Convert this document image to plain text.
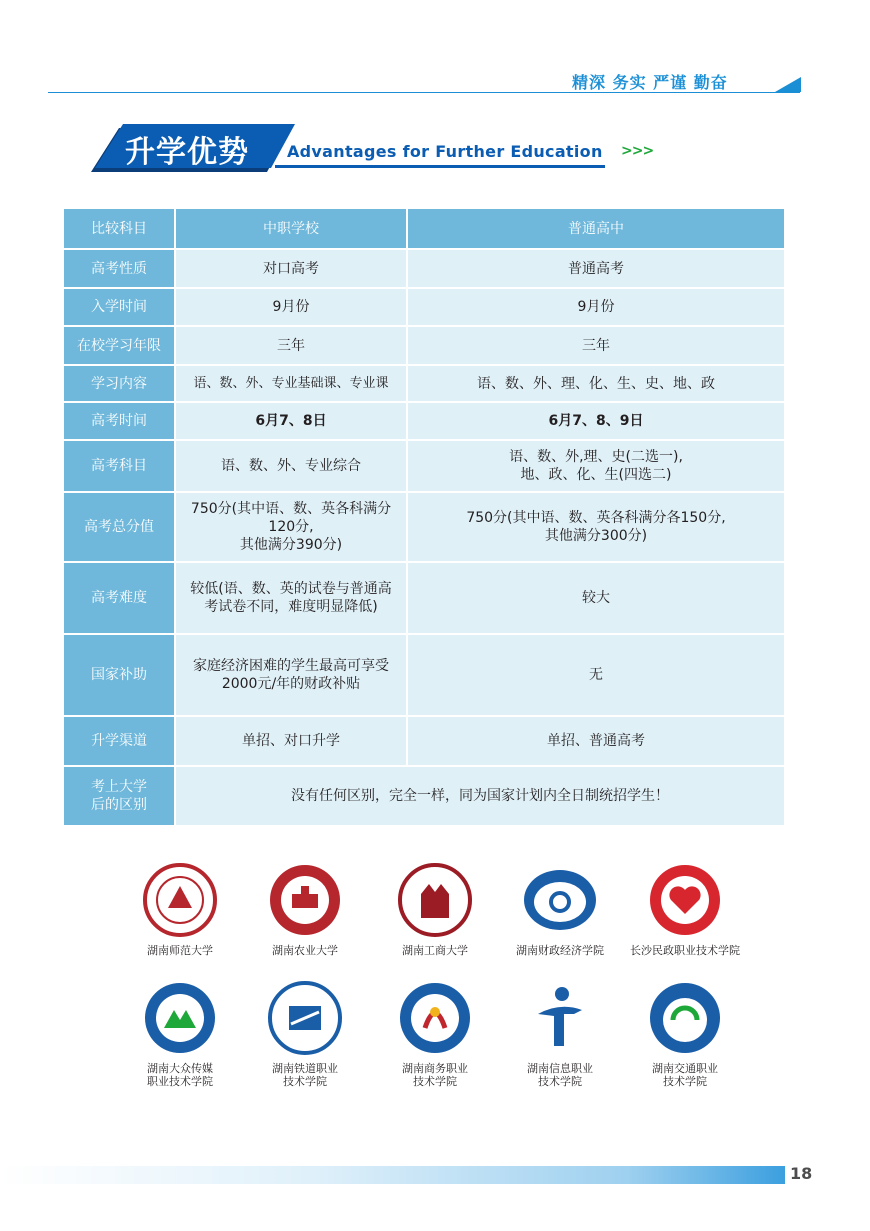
精深 务实 严谨 勤奋
升学优势 Advantages for Further Education >>>
比较科目	中职学校	普通高中
高考性质	对口高考	普通高考
入学时间	9月份	9月份
在校学习年限	三年	三年
学习内容	语、数、外、专业基础课、专业课	语、数、外、理、化、生、史、地、政
高考时间	6月7、8日	6月7、8、9日
高考科目	语、数、外、专业综合	语、数、外,理、史(二选一),
地、政、化、生(四选二)
高考总分值	750分(其中语、数、英各科满分
120分,
其他满分390分)	750分(其中语、数、英各科满分各150分,
其他满分300分)
高考难度	较低(语、数、英的试卷与普通高
考试卷不同，难度明显降低)	较大
国家补助	家庭经济困难的学生最高可享受
2000元/年的财政补贴	无
升学渠道	单招、对口升学	单招、普通高考
考上大学
后的区别	没有任何区别，完全一样，同为国家计划内全日制统招学生！	
湖南师范大学	湖南农业大学	湖南工商大学	湖南财政经济学院	长沙民政职业技术学院
湖南大众传媒
职业技术学院
湖南铁道职业
技术学院
湖南商务职业
技术学院
湖南信息职业
技术学院
湖南交通职业
技术学院
18
